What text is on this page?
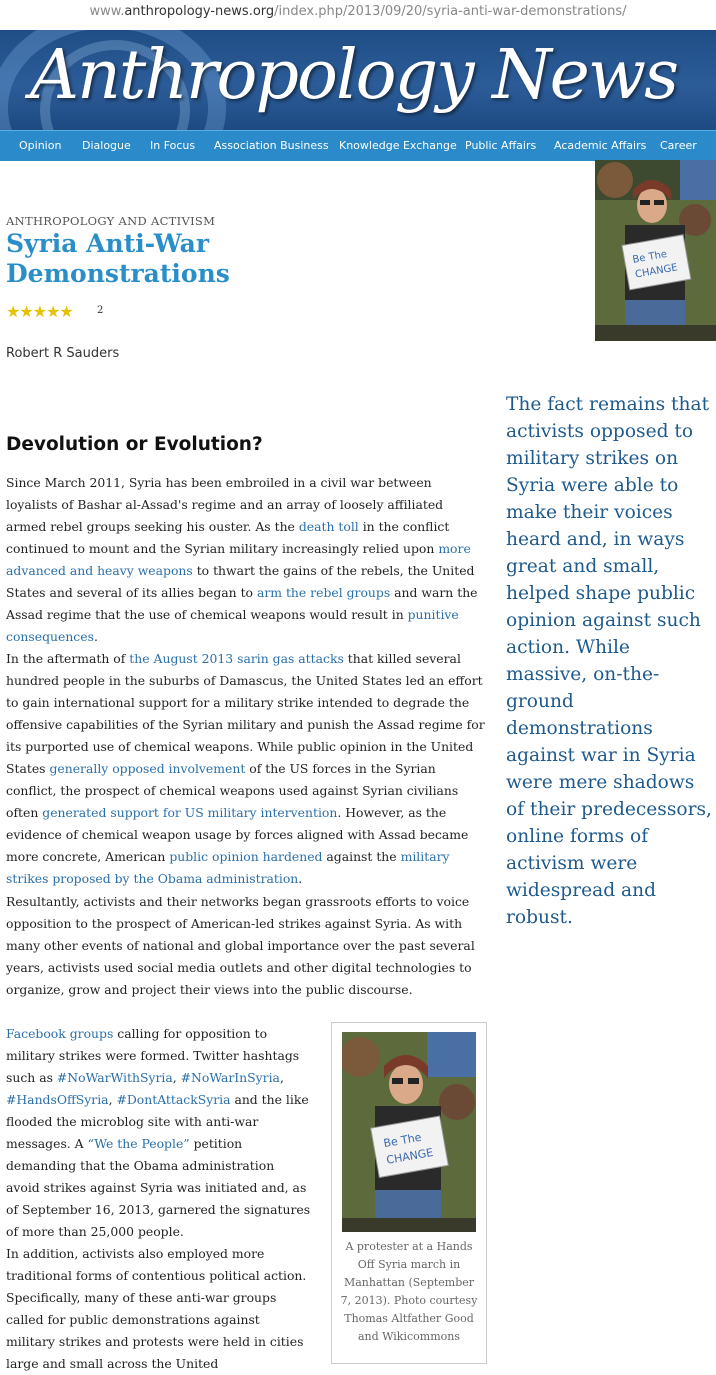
www.anthropology-news.org/index.php/2013/09/20/syria-anti-war-demonstrations/
Anthropology News
Opinion Dialogue In Focus Association Business Knowledge Exchange Public Affairs Academic Affairs Career
ANTHROPOLOGY AND ACTIVISM
Syria Anti-War Demonstrations
★★★★★ 2
Robert R Sauders
Be The
CHANGE
The fact remains that activists opposed to military strikes on Syria were able to make their voices heard and, in ways great and small, helped shape public opinion against such action. While massive, on-the-ground demonstrations against war in Syria were mere shadows of their predecessors, online forms of activism were widespread and robust.
Devolution or Evolution?
Since March 2011, Syria has been embroiled in a civil war between loyalists of Bashar al-Assad's regime and an array of loosely affiliated armed rebel groups seeking his ouster. As the death toll in the conflict continued to mount and the Syrian military increasingly relied upon more advanced and heavy weapons to thwart the gains of the rebels, the United States and several of its allies began to arm the rebel groups and warn the Assad regime that the use of chemical weapons would result in punitive consequences.
In the aftermath of the August 2013 sarin gas attacks that killed several hundred people in the suburbs of Damascus, the United States led an effort to gain international support for a military strike intended to degrade the offensive capabilities of the Syrian military and punish the Assad regime for its purported use of chemical weapons. While public opinion in the United States generally opposed involvement of the US forces in the Syrian conflict, the prospect of chemical weapons used against Syrian civilians often generated support for US military intervention. However, as the evidence of chemical weapon usage by forces aligned with Assad became more concrete, American public opinion hardened against the military strikes proposed by the Obama administration.
Resultantly, activists and their networks began grassroots efforts to voice opposition to the prospect of American-led strikes against Syria. As with many other events of national and global importance over the past several years, activists used social media outlets and other digital technologies to organize, grow and project their views into the public discourse.
Facebook groups calling for opposition to military strikes were formed. Twitter hashtags such as #NoWarWithSyria, #NoWarInSyria, #HandsOffSyria, #DontAttackSyria and the like flooded the microblog site with anti-war messages. A “We the People” petition demanding that the Obama administration avoid strikes against Syria was initiated and, as of September 16, 2013, garnered the signatures of more than 25,000 people.
In addition, activists also employed more traditional forms of contentious political action. Specifically, many of these anti-war groups called for public demonstrations against military strikes and protests were held in cities large and small across the United
Be The
CHANGE
A protester at a Hands Off Syria march in Manhattan (September 7, 2013). Photo courtesy Thomas Altfather Good and Wikicommons
